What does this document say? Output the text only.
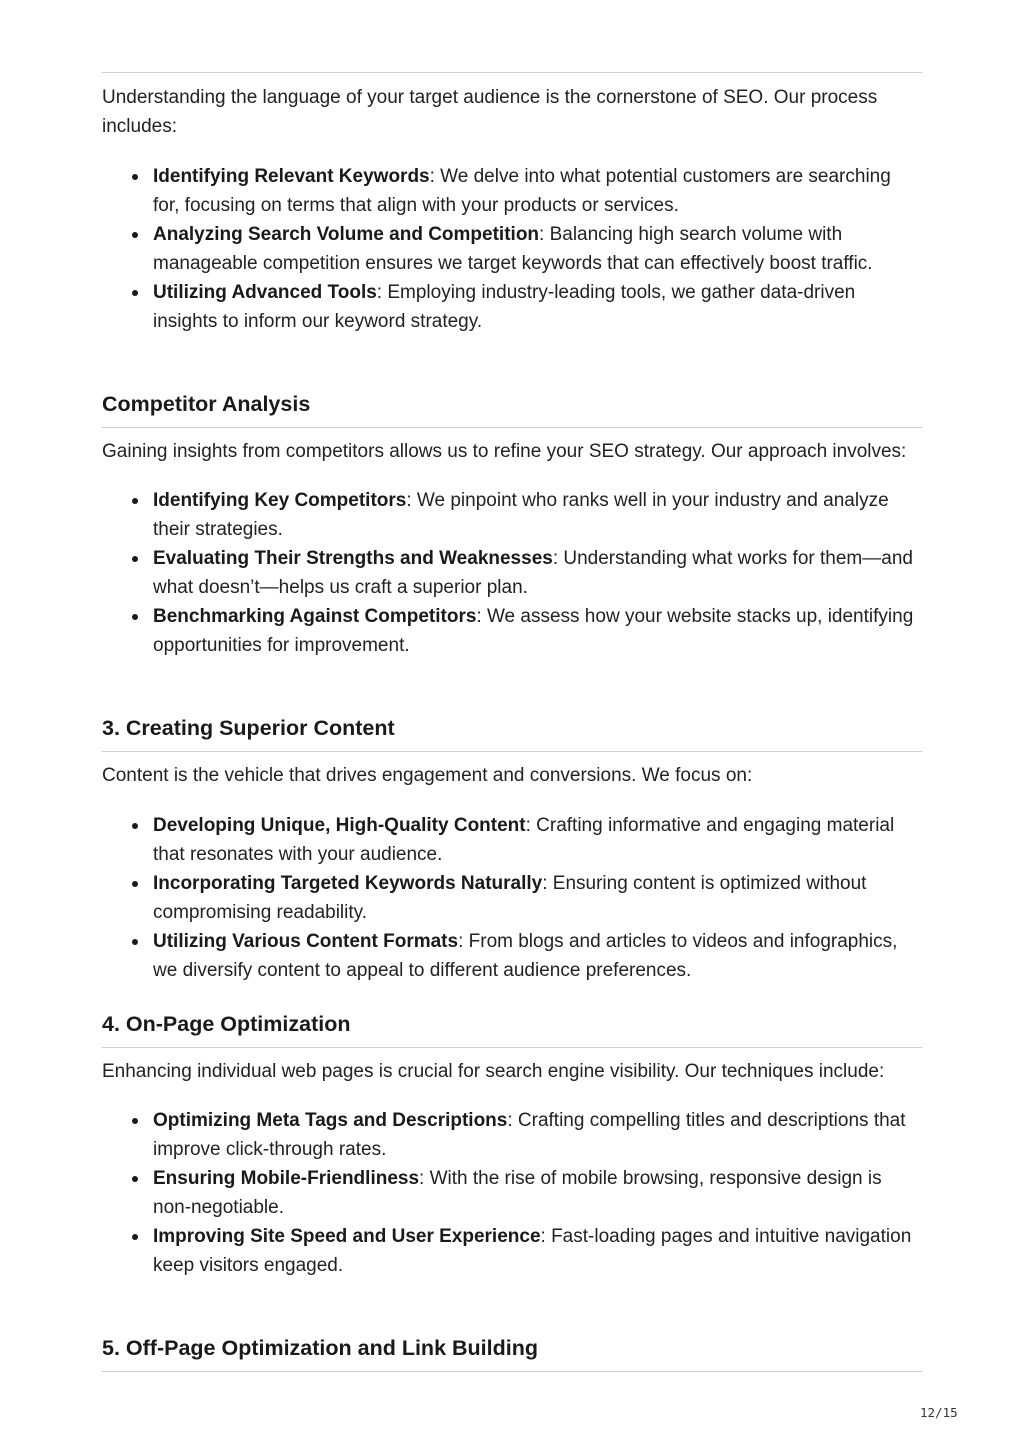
Understanding the language of your target audience is the cornerstone of SEO. Our process includes:

Identifying Relevant Keywords: We delve into what potential customers are searching for, focusing on terms that align with your products or services.
Analyzing Search Volume and Competition: Balancing high search volume with manageable competition ensures we target keywords that can effectively boost traffic.
Utilizing Advanced Tools: Employing industry-leading tools, we gather data-driven insights to inform our keyword strategy.
Competitor Analysis

Gaining insights from competitors allows us to refine your SEO strategy. Our approach involves:

Identifying Key Competitors: We pinpoint who ranks well in your industry and analyze their strategies.
Evaluating Their Strengths and Weaknesses: Understanding what works for them—and what doesn’t—helps us craft a superior plan.
Benchmarking Against Competitors: We assess how your website stacks up, identifying opportunities for improvement.
3. Creating Superior Content

Content is the vehicle that drives engagement and conversions. We focus on:

Developing Unique, High-Quality Content: Crafting informative and engaging material that resonates with your audience.
Incorporating Targeted Keywords Naturally: Ensuring content is optimized without compromising readability.
Utilizing Various Content Formats: From blogs and articles to videos and infographics, we diversify content to appeal to different audience preferences.
4. On-Page Optimization

Enhancing individual web pages is crucial for search engine visibility. Our techniques include:

Optimizing Meta Tags and Descriptions: Crafting compelling titles and descriptions that improve click-through rates.
Ensuring Mobile-Friendliness: With the rise of mobile browsing, responsive design is non-negotiable.
Improving Site Speed and User Experience: Fast-loading pages and intuitive navigation keep visitors engaged.
5. Off-Page Optimization and Link Building
12/15
